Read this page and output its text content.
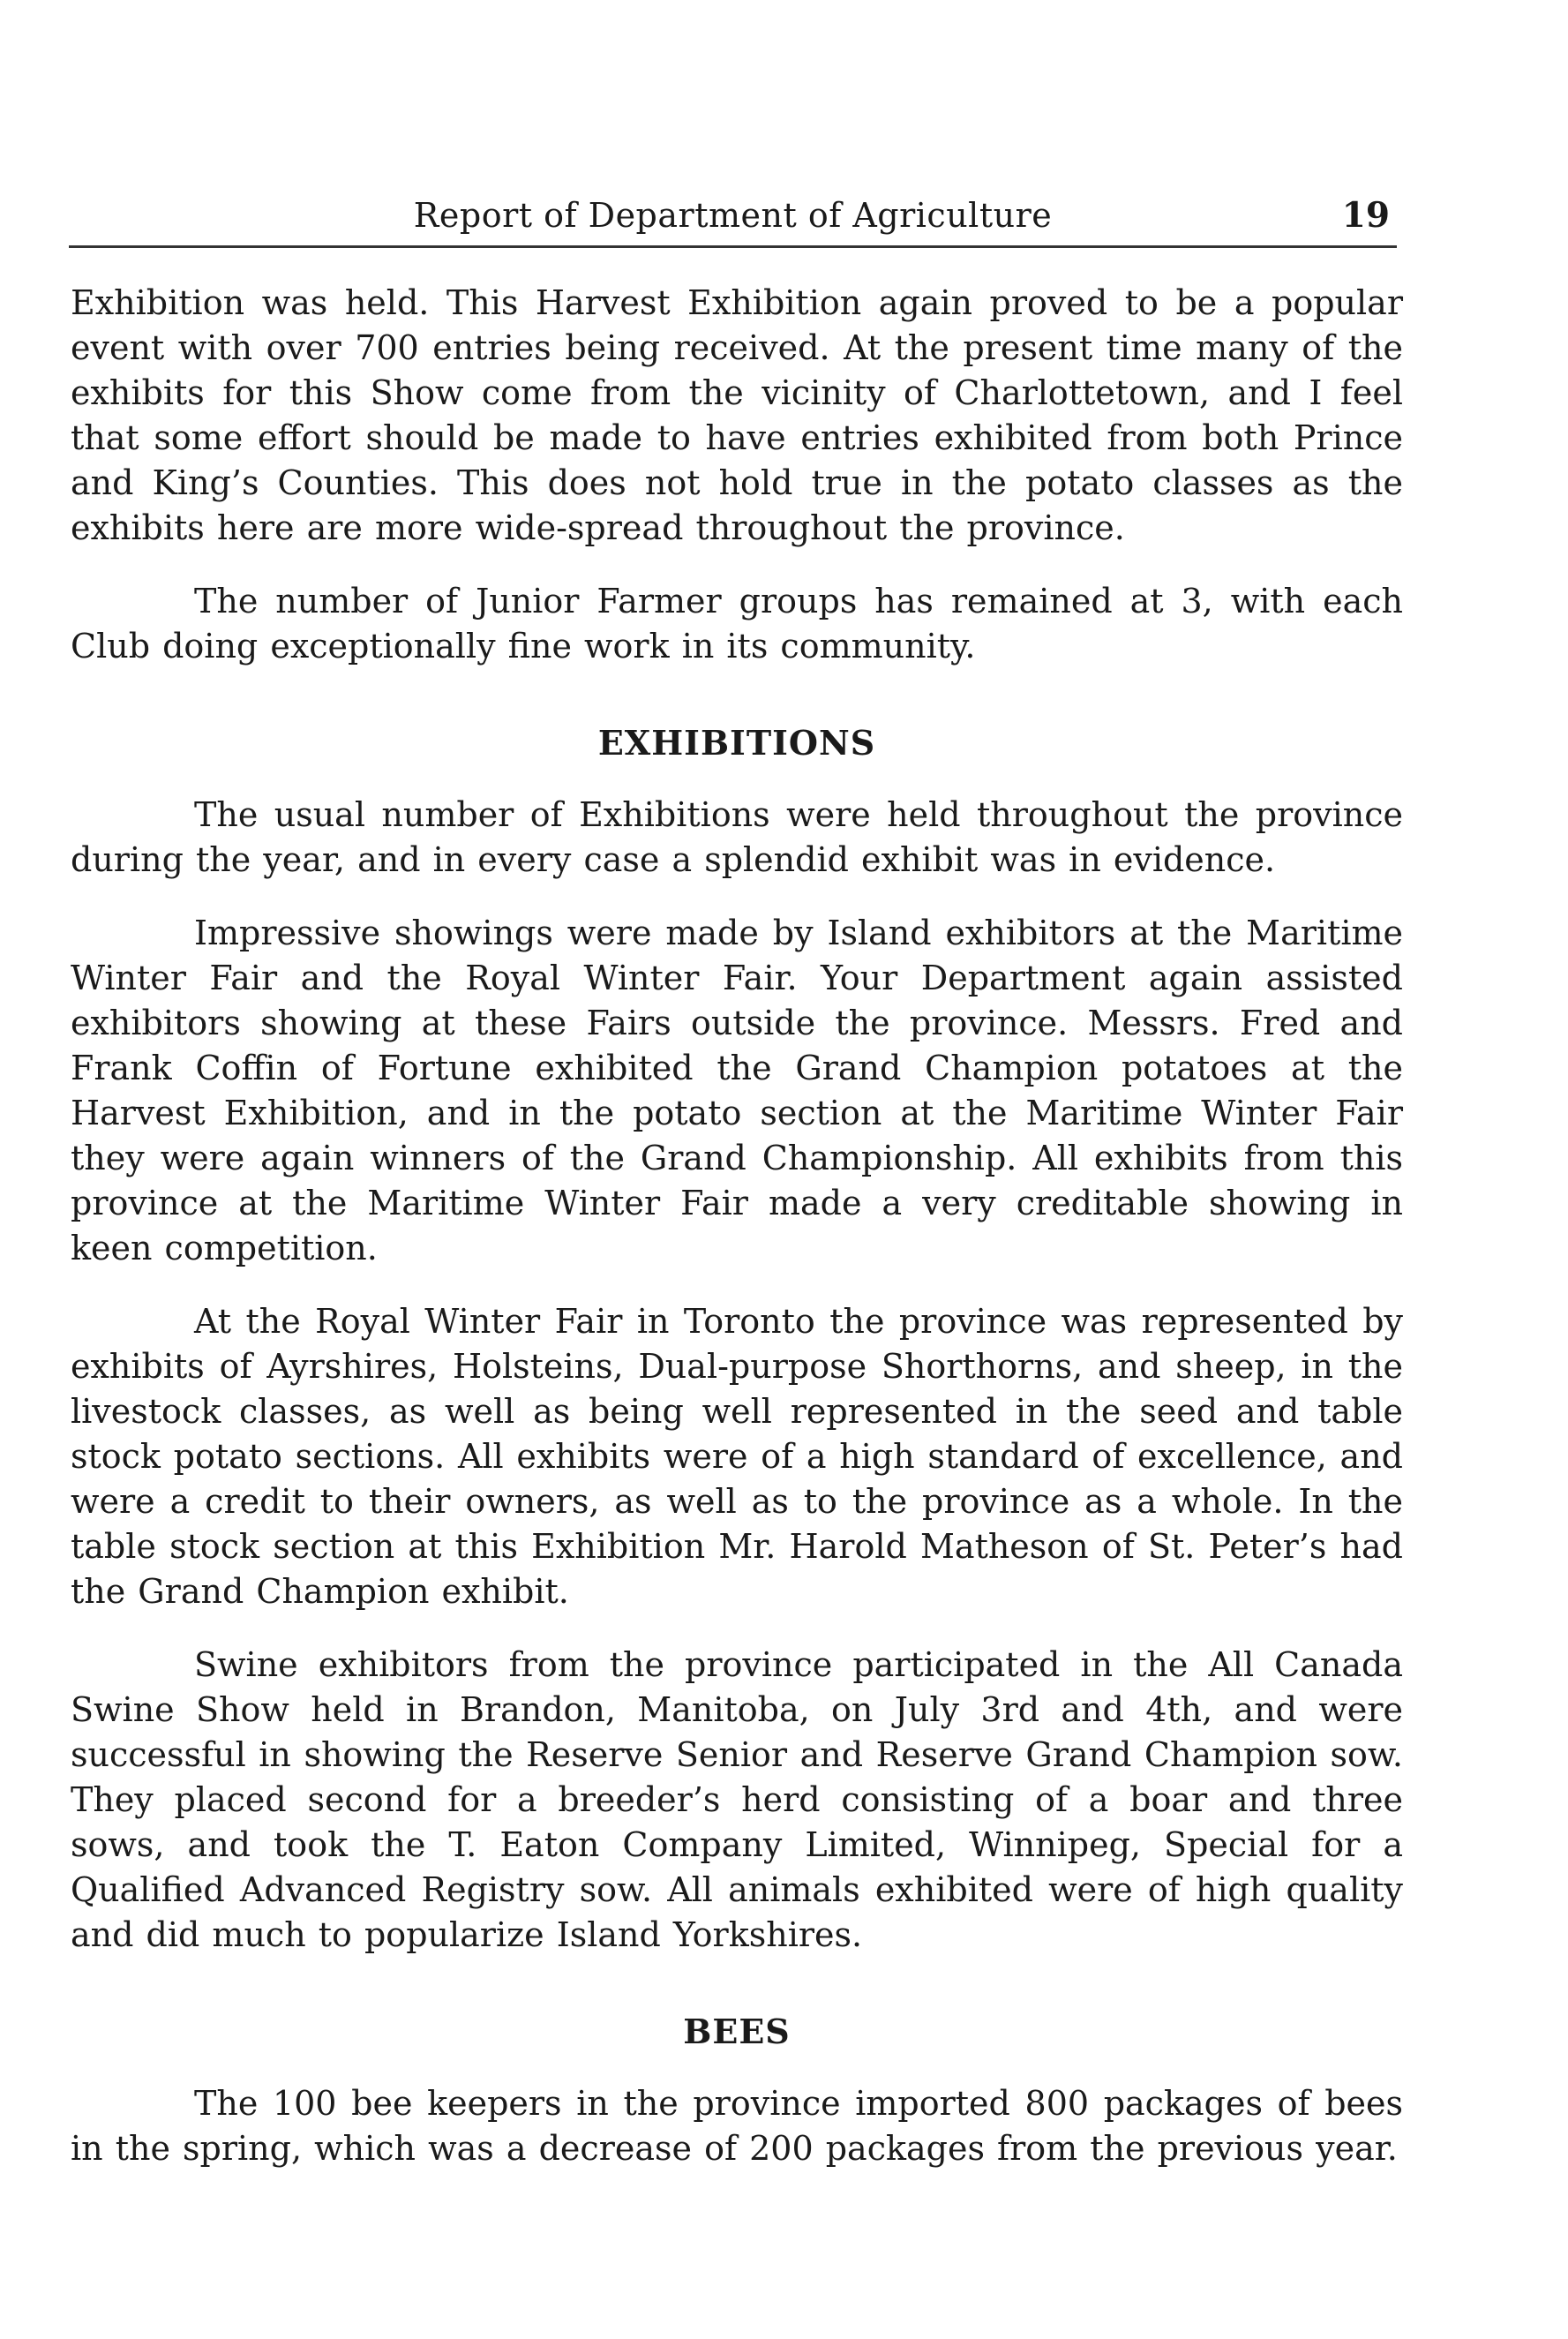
Report of Department of Agriculture	19

Exhibition was held. This Harvest Exhibition again proved to be a popular event with over 700 entries being received. At the present time many of the exhibits for this Show come from the vicinity of Charlottetown, and I feel that some effort should be made to have entries exhibited from both Prince and King’s Counties. This does not hold true in the potato classes as the exhibits here are more wide-spread throughout the province.

The number of Junior Farmer groups has remained at 3, with each Club doing exceptionally fine work in its community.

EXHIBITIONS

The usual number of Exhibitions were held throughout the province during the year, and in every case a splendid exhibit was in evidence.

Impressive showings were made by Island exhibitors at the Maritime Winter Fair and the Royal Winter Fair. Your Department again assisted exhibitors showing at these Fairs outside the province. Messrs. Fred and Frank Coffin of Fortune exhibited the Grand Champion potatoes at the Harvest Exhibition, and in the potato section at the Maritime Winter Fair they were again winners of the Grand Championship. All exhibits from this province at the Maritime Winter Fair made a very creditable showing in keen competition.

At the Royal Winter Fair in Toronto the province was represented by exhibits of Ayrshires, Holsteins, Dual-purpose Shorthorns, and sheep, in the livestock classes, as well as being well represented in the seed and table stock potato sections. All exhibits were of a high standard of excellence, and were a credit to their owners, as well as to the province as a whole. In the table stock section at this Exhibition Mr. Harold Matheson of St. Peter’s had the Grand Champion exhibit.

Swine exhibitors from the province participated in the All Canada Swine Show held in Brandon, Manitoba, on July 3rd and 4th, and were successful in showing the Reserve Senior and Reserve Grand Champion sow. They placed second for a breeder’s herd consisting of a boar and three sows, and took the T. Eaton Company Limited, Winnipeg, Special for a Qualified Advanced Registry sow. All animals exhibited were of high quality and did much to popularize Island Yorkshires.

BEES

The 100 bee keepers in the province imported 800 packages of bees in the spring, which was a decrease of 200 packages from the previous year.
